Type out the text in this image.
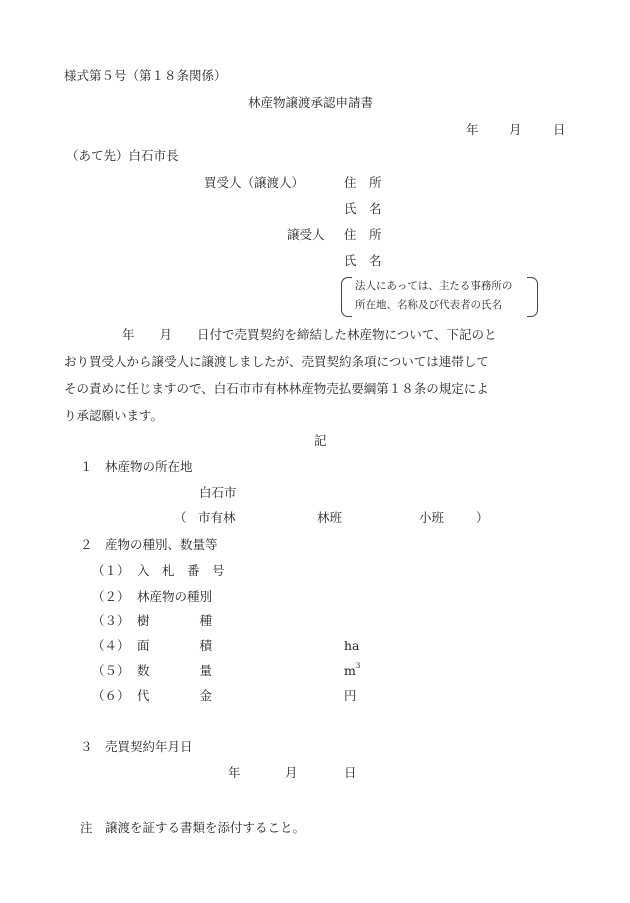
様式第５号（第１８条関係）
林産物譲渡承認申請書
年 月	日
（あて先）白石市長
買受人（譲渡人）	住　所
氏　名
譲受人 住　所
氏　名
法人にあっては、主たる事務所の
所在地、名称及び代表者の氏名
年　　月　　日付で売買契約を締結した林産物について、下記のと
おり買受人から譲受人に譲渡しましたが、売買契約条項については連帯して
その責めに任じますので、白石市市有林林産物売払要綱第１８条の規定によ
り承認願います。
記
１　林産物の所在地
白石市
（ 市有林	林班	小班	）
２　産物の種別、数量等
（１） 入　札　番　号
（２） 林産物の種別
（３） 樹　　　　種
（４） 面　　　　積	ha
（５） 数　　　　量	$m^3$
（６） 代　　　　金	円
３　売買契約年月日
年	月	日
注　譲渡を証する書類を添付すること。
